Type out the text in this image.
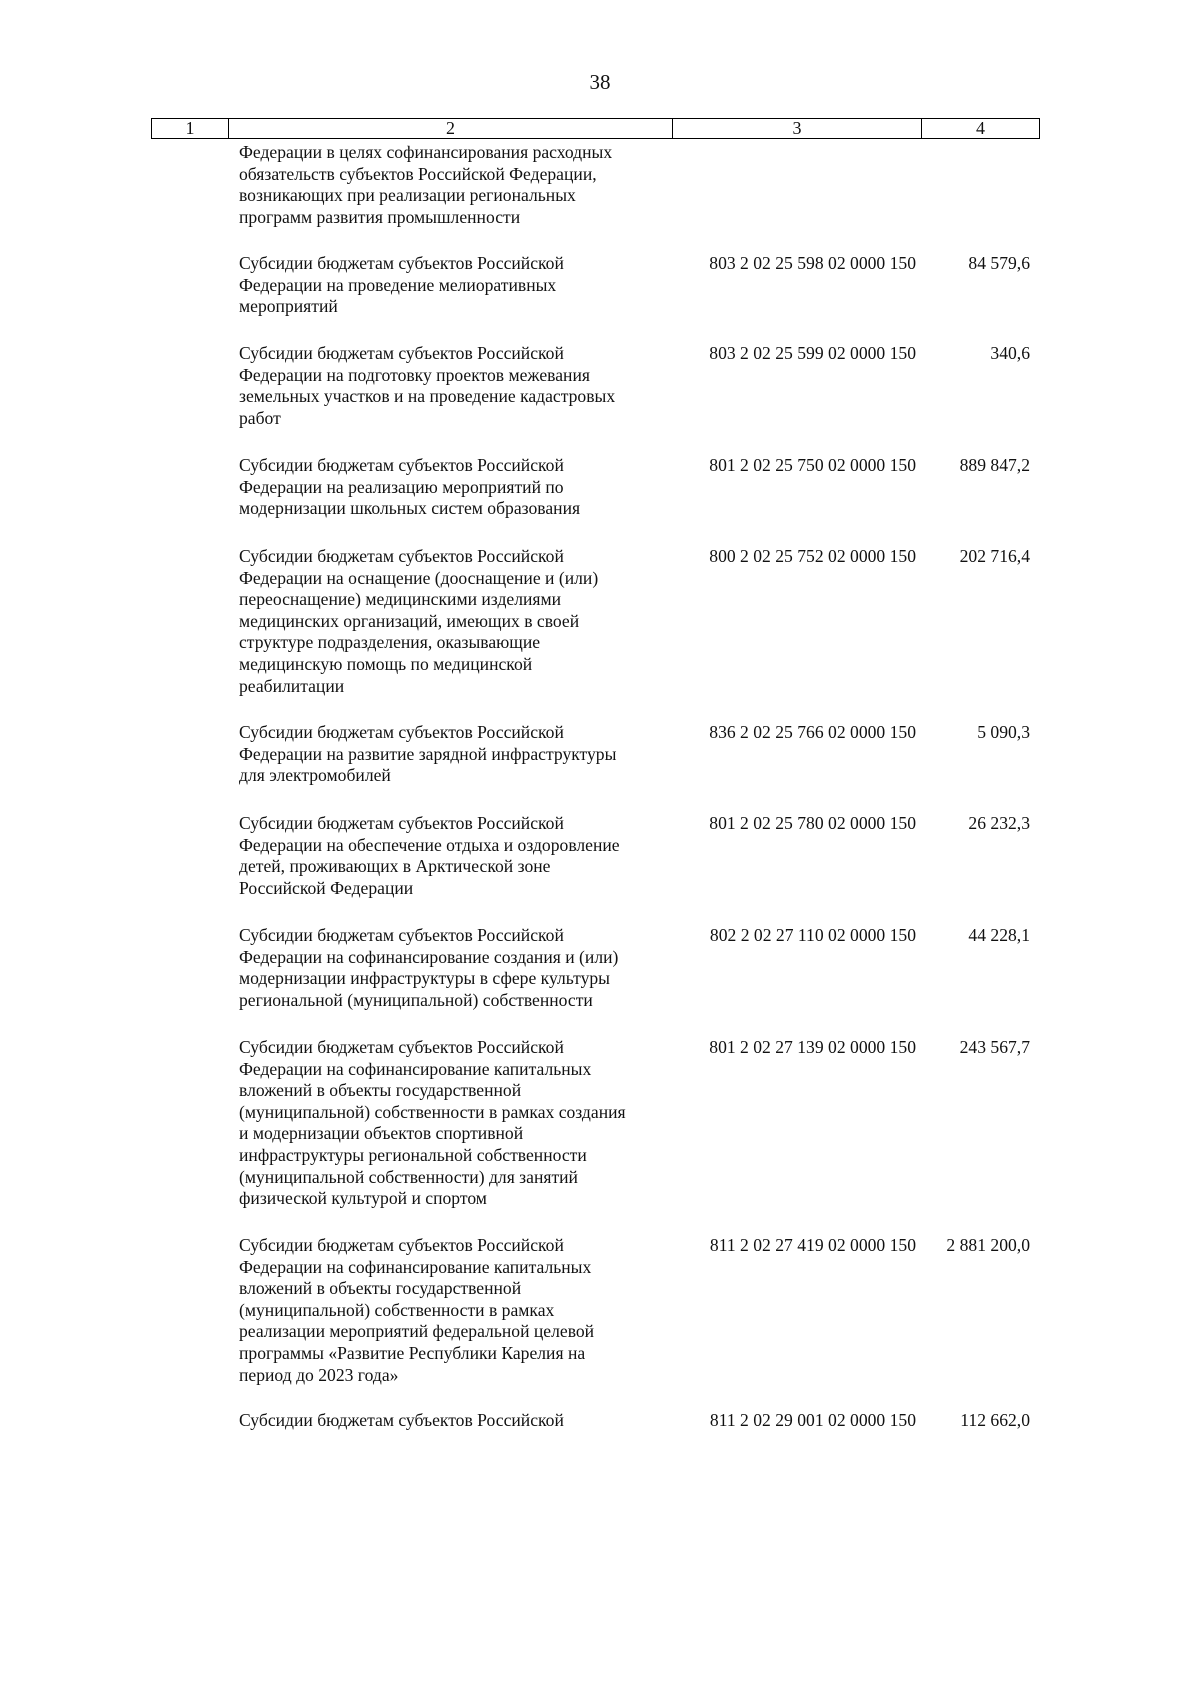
38
1	2	3	4
Федерации в целях софинансирования расходных
обязательств субъектов Российской Федерации,
возникающих при реализации региональных
программ развития промышленности
Субсидии бюджетам субъектов Российской
Федерации на проведение мелиоративных
мероприятий
803 2 02 25 598 02 0000 150	84 579,6
Субсидии бюджетам субъектов Российской
Федерации на подготовку проектов межевания
земельных участков и на проведение кадастровых
работ
803 2 02 25 599 02 0000 150	340,6
Субсидии бюджетам субъектов Российской
Федерации на реализацию мероприятий по
модернизации школьных систем образования
801 2 02 25 750 02 0000 150	889 847,2
Субсидии бюджетам субъектов Российской
Федерации на оснащение (дооснащение и (или)
переоснащение) медицинскими изделиями
медицинских организаций, имеющих в своей
структуре подразделения, оказывающие
медицинскую помощь по медицинской
реабилитации
800 2 02 25 752 02 0000 150	202 716,4
Субсидии бюджетам субъектов Российской
Федерации на развитие зарядной инфраструктуры
для электромобилей
836 2 02 25 766 02 0000 150	5 090,3
Субсидии бюджетам субъектов Российской
Федерации на обеспечение отдыха и оздоровление
детей, проживающих в Арктической зоне
Российской Федерации
801 2 02 25 780 02 0000 150	26 232,3
Субсидии бюджетам субъектов Российской
Федерации на софинансирование создания и (или)
модернизации инфраструктуры в сфере культуры
региональной (муниципальной) собственности
802 2 02 27 110 02 0000 150	44 228,1
Субсидии бюджетам субъектов Российской
Федерации на софинансирование капитальных
вложений в объекты государственной
(муниципальной) собственности в рамках создания
и модернизации объектов спортивной
инфраструктуры региональной собственности
(муниципальной собственности) для занятий
физической культурой и спортом
801 2 02 27 139 02 0000 150	243 567,7
Субсидии бюджетам субъектов Российской
Федерации на софинансирование капитальных
вложений в объекты государственной
(муниципальной) собственности в рамках
реализации мероприятий федеральной целевой
программы «Развитие Республики Карелия на
период до 2023 года»
811 2 02 27 419 02 0000 150	2 881 200,0
Субсидии бюджетам субъектов Российской	811 2 02 29 001 02 0000 150	112 662,0
